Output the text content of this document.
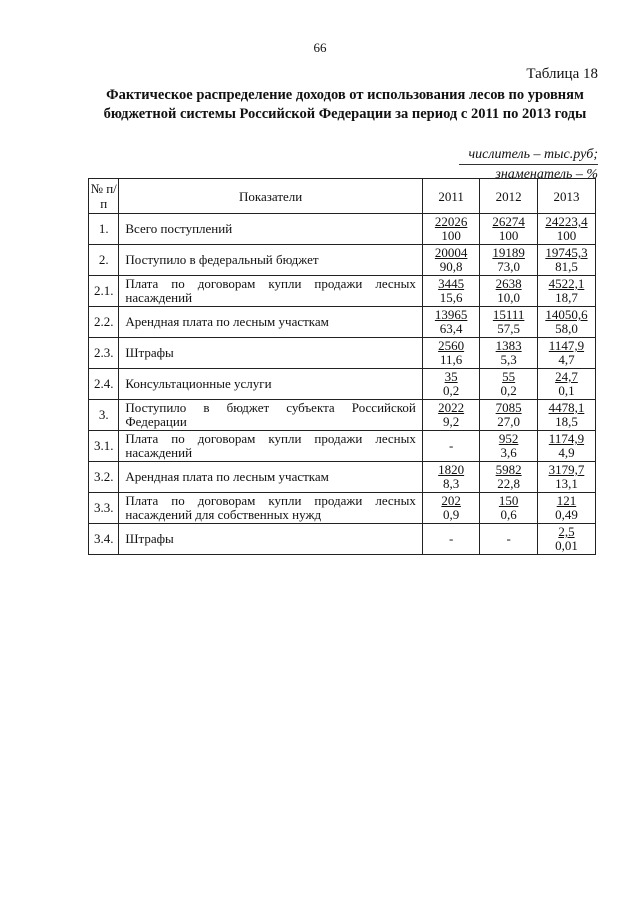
66
Таблица 18
Фактическое распределение доходов от использования лесов по уровням бюджетной системы Российской Федерации за период с 2011 по 2013 годы
числитель – тыс.руб;
знаменатель – %
№ п/п	Показатели	2011	2012	2013
1.	Всего поступлений	$\frac{22026}{100}$	$\frac{26274}{100}$	$\frac{24223,4}{100}$

2.	Поступило в федеральный бюджет	$\frac{20004}{90,8}$	$\frac{19189}{73,0}$	$\frac{19745,3}{81,5}$

2.1.	Плата по договорам купли продажи лесных насаждений	$\frac{3445}{15,6}$	$\frac{2638}{10,0}$	$\frac{4522,1}{18,7}$

2.2.	Арендная плата по лесным участкам	$\frac{13965}{63,4}$	$\frac{15111}{57,5}$	$\frac{14050,6}{58,0}$

2.3.	Штрафы	$\frac{2560}{11,6}$	$\frac{1383}{5,3}$	$\frac{1147,9}{4,7}$

2.4.	Консультационные услуги	$\frac{35}{0,2}$	$\frac{55}{0,2}$	$\frac{24,7}{0,1}$

3.	Поступило в бюджет субъекта Российской Федерации	$\frac{2022}{9,2}$	$\frac{7085}{27,0}$	$\frac{4478,1}{18,5}$

3.1.	Плата по договорам купли продажи лесных насаждений	-	$\frac{952}{3,6}$	$\frac{1174,9}{4,9}$

3.2.	Арендная плата по лесным участкам	$\frac{1820}{8,3}$	$\frac{5982}{22,8}$	$\frac{3179,7}{13,1}$

3.3.	Плата по договорам купли продажи лесных насаждений для собственных нужд	$\frac{202}{0,9}$	$\frac{150}{0,6}$	$\frac{121}{0,49}$

3.4.	Штрафы	-	-	$\frac{2,5}{0,01}$
